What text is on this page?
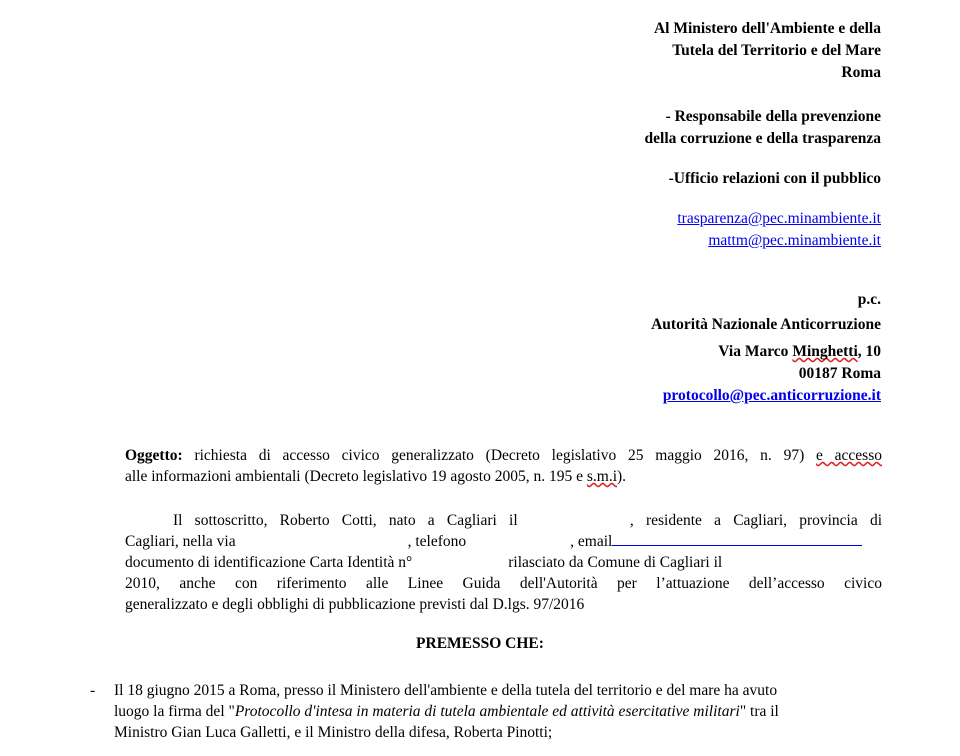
Al Ministero dell'Ambiente e della
Tutela del Territorio e del Mare
Roma
- Responsabile della prevenzione
della corruzione e della trasparenza
-Ufficio relazioni con il pubblico
trasparenza@pec.minambiente.it
mattm@pec.minambiente.it
p.c.
Autorità Nazionale Anticorruzione
Via Marco Minghetti, 10
00187 Roma
protocollo@pec.anticorruzione.it
Oggetto: richiesta di accesso civico generalizzato (Decreto legislativo 25 maggio 2016, n. 97) e accesso
alle informazioni ambientali (Decreto legislativo 19 agosto 2005, n. 195 e s.m.i).
Il sottoscritto, Roberto Cotti, nato a Cagliari il	, residente a Cagliari, provincia di
Cagliari, nella via	, telefono	, email
documento di identificazione Carta Identità n°	rilasciato da Comune di Cagliari il
2010, anche con riferimento alle Linee Guida dell'Autorità per l’attuazione dell’accesso civico
generalizzato e degli obblighi di pubblicazione previsti dal D.lgs. 97/2016
PREMESSO CHE:
- Il 18 giugno 2015 a Roma, presso il Ministero dell'ambiente e della tutela del territorio e del mare ha avuto
luogo la firma del "Protocollo d'intesa in materia di tutela ambientale ed attività esercitative militari" tra il
Ministro Gian Luca Galletti, e il Ministro della difesa, Roberta Pinotti;
